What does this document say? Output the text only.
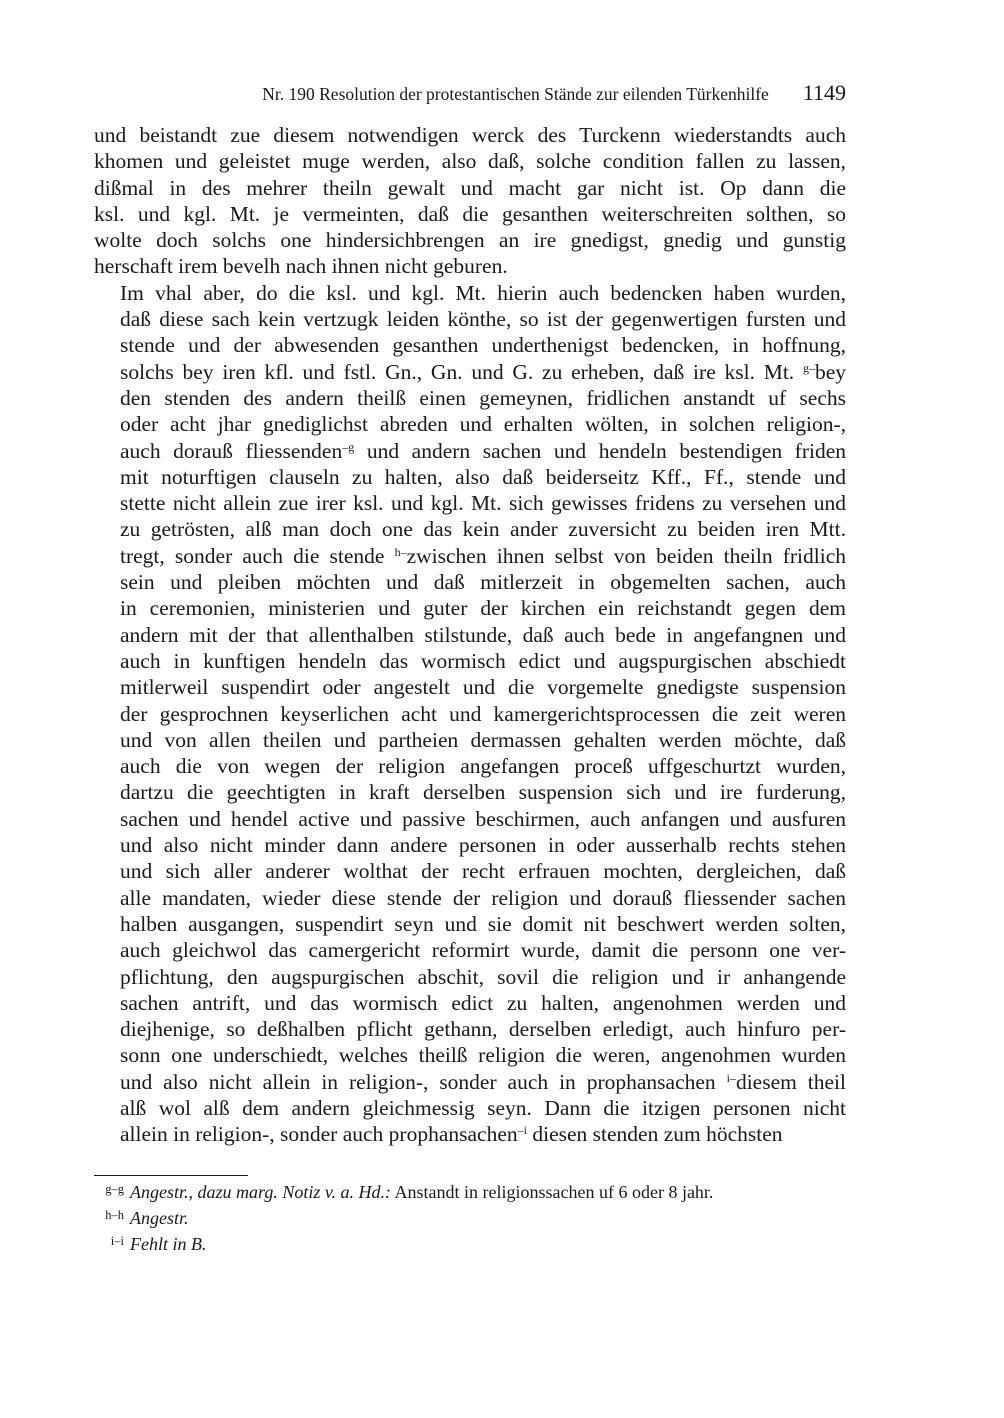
Nr. 190 Resolution der protestantischen Stände zur eilenden Türkenhilfe 1149

und beistandt zue diesem notwendigen werck des Turckenn wiederstandts auch
khomen und geleistet muge werden, also daß, solche condition fallen zu lassen,
dißmal in des mehrer theiln gewalt und macht gar nicht ist. Op dann die
ksl. und kgl. Mt. je vermeinten, daß die gesanthen weiterschreiten solthen, so
wolte doch solchs one hindersichbrengen an ire gnedigst, gnedig und gunstig
herschaft irem bevelh nach ihnen nicht geburen.

Im vhal aber, do die ksl. und kgl. Mt. hierin auch bedencken haben wurden,
daß diese sach kein vertzugk leiden könthe, so ist der gegenwertigen fursten und
stende und der abwesenden gesanthen underthenigst bedencken, in hoffnung,
solchs bey iren kfl. und fstl. Gn., Gn. und G. zu erheben, daß ire ksl. Mt. $^{g-}$bey
den stenden des andern theilß einen gemeynen, fridlichen anstandt uf sechs
oder acht jhar gnediglichst abreden und erhalten wölten, in solchen religion-,
auch dorauß fliessenden$^{-g}$ und andern sachen und hendeln bestendigen friden
mit noturftigen clauseln zu halten, also daß beiderseitz Kff., Ff., stende und
stette nicht allein zue irer ksl. und kgl. Mt. sich gewisses fridens zu versehen und
zu getrösten, alß man doch one das kein ander zuversicht zu beiden iren Mtt.
tregt, sonder auch die stende $^{h-}$zwischen ihnen selbst von beiden theiln fridlich
sein und pleiben möchten und daß mitlerzeit in obgemelten sachen, auch
in ceremonien, ministerien und guter der kirchen ein reichstandt gegen dem
andern mit der that allenthalben stilstunde, daß auch bede in angefangnen und
auch in kunftigen hendeln das wormisch edict und augspurgischen abschiedt
mitlerweil suspendirt oder angestelt und die vorgemelte gnedigste suspension
der gesprochnen keyserlichen acht und kamergerichtsprocessen die zeit weren
und von allen theilen und partheien dermassen gehalten werden möchte, daß
auch die von wegen der religion angefangen proceß uffgeschurtzt wurden,
dartzu die geechtigten in kraft derselben suspension sich und ire furderung,
sachen und hendel active und passive beschirmen, auch anfangen und ausfuren
und also nicht minder dann andere personen in oder ausserhalb rechts stehen
und sich aller anderer wolthat der recht erfrauen mochten, dergleichen, daß
alle mandaten, wieder diese stende der religion und dorauß fliessender sachen
halben ausgangen, suspendirt seyn und sie domit nit beschwert werden solten,
auch gleichwol das camergericht reformirt wurde, damit die personn one ver-
pflichtung, den augspurgischen abschit, sovil die religion und ir anhangende
sachen antrift, und das wormisch edict zu halten, angenohmen werden und
diejhenige, so deßhalben pflicht gethann, derselben erledigt, auch hinfuro per-
sonn one underschiedt, welches theilß religion die weren, angenohmen wurden
und also nicht allein in religion-, sonder auch in prophansachen $^{i-}$diesem theil
alß wol alß dem andern gleichmessig seyn. Dann die itzigen personen nicht
allein in religion-, sonder auch prophansachen$^{-i}$ diesen stenden zum höchsten

g–g Angestr., dazu marg. Notiz v. a. Hd.: Anstandt in religionssachen uf 6 oder 8 jahr.
h–h Angestr.
i–i Fehlt in B.
